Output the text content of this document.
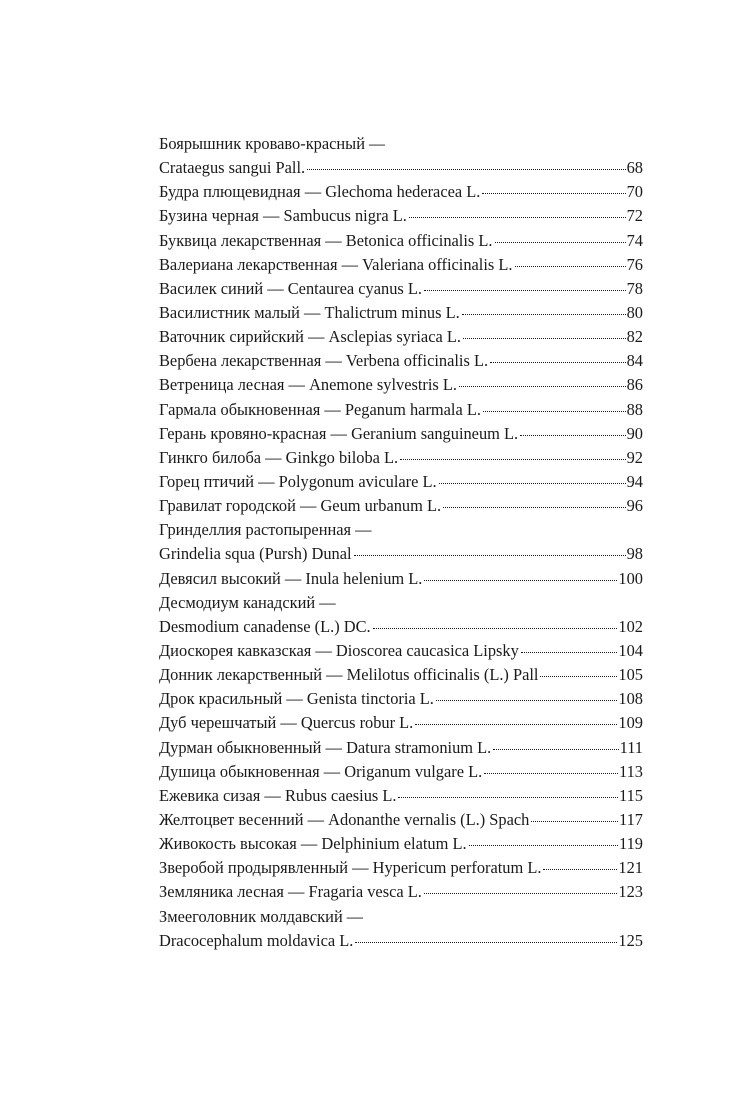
Боярышник кроваво-красный —
Crataegus sangui Pall.	68
Будра плющевидная — Glechoma hederacea L.	70
Бузина черная — Sambucus nigra L.	72
Буквица лекарственная — Betonica officinalis L.	74
Валериана лекарственная — Valeriana officinalis L.	76
Василек синий — Centaurea cyanus L.	78
Василистник малый — Thalictrum minus L.	80
Ваточник сирийский — Asclepias syriaca L.	82
Вербена лекарственная — Verbena officinalis L.	84
Ветреница лесная — Anemone sylvestris L.	86
Гармала обыкновенная — Peganum harmala L.	88
Герань кровяно-красная — Geranium sanguineum L.	90
Гинкго билоба — Ginkgo biloba L.	92
Горец птичий — Polygonum aviculare L.	94
Гравилат городской — Geum urbanum L.	96
Гринделлия растопыренная —
Grindelia squa (Pursh) Dunal	98
Девясил высокий — Inula helenium L.	100
Десмодиум канадский —
Desmodium canadense (L.) DC.	102
Диоскорея кавказская — Dioscorea caucasica Lipsky	104
Донник лекарственный — Melilotus officinalis (L.) Pall	105
Дрок красильный — Genista tinctoria L.	108
Дуб черешчатый — Quercus robur L.	109
Дурман обыкновенный — Datura stramonium L.	111
Душица обыкновенная — Origanum vulgare L.	113
Ежевика сизая — Rubus caesius L.	115
Желтоцвет весенний — Adonanthe vernalis (L.) Spach	117
Живокость высокая — Delphinium elatum L.	119
Зверобой продырявленный — Hypericum perforatum L.	121
Земляника лесная — Fragaria vesca L.	123
Змееголовник молдавский —
Dracocephalum moldavica L.	125
